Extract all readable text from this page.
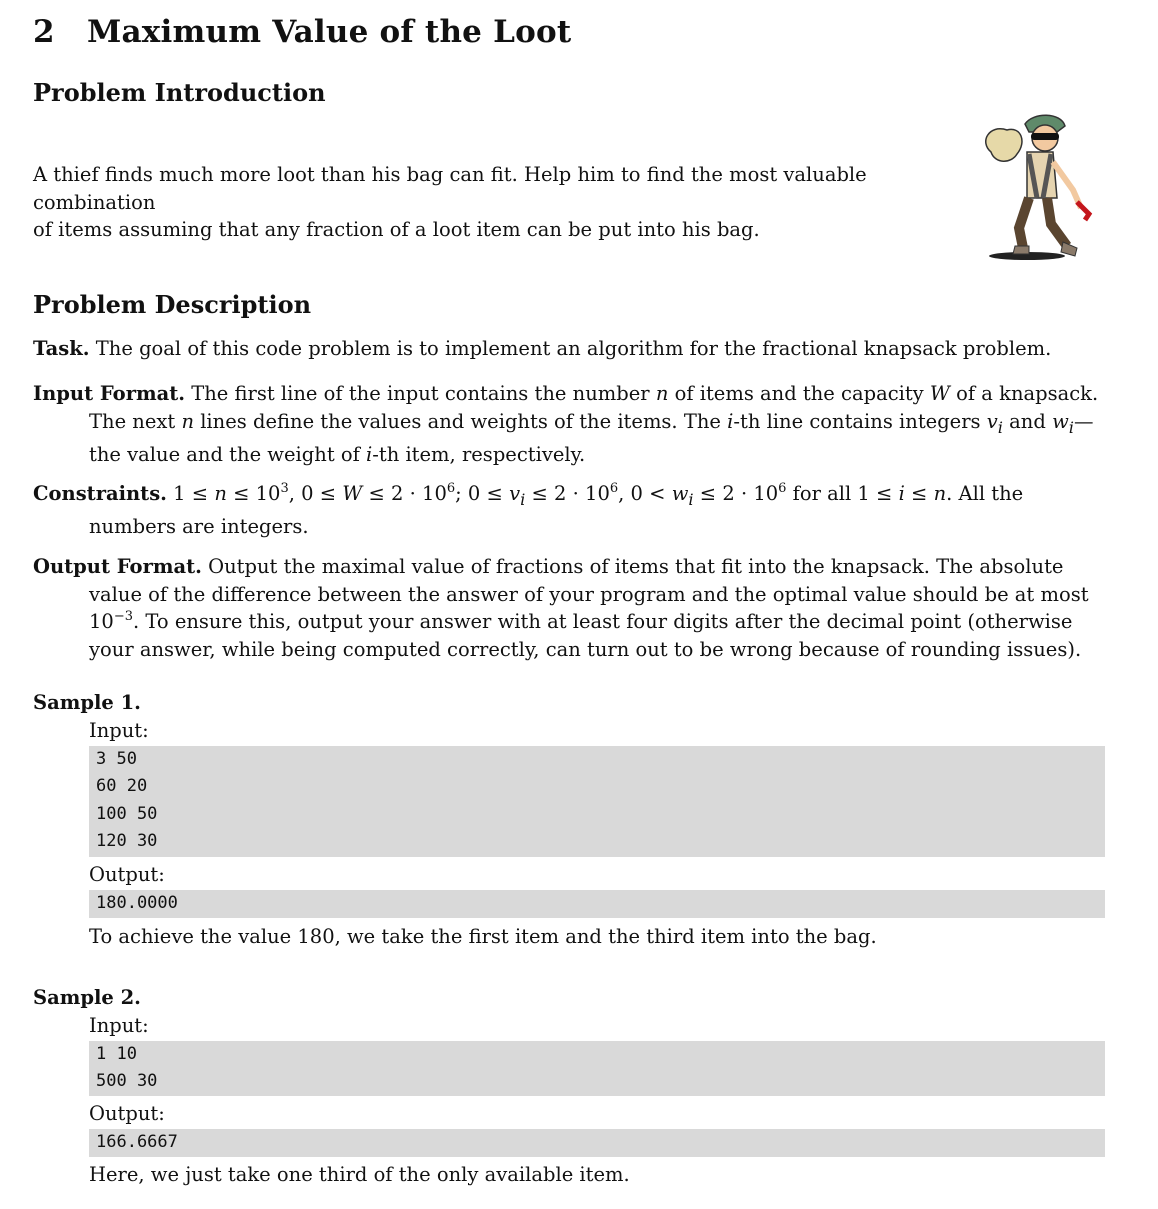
2 Maximum Value of the Loot
Problem Introduction
A thief finds much more loot than his bag can fit. Help him to find the most valuable combination
of items assuming that any fraction of a loot item can be put into his bag.
Problem Description
Task. The goal of this code problem is to implement an algorithm for the fractional knapsack problem.
Input Format. The first line of the input contains the number n of items and the capacity W of a knapsack. The next n lines define the values and weights of the items. The i-th line contains integers $v_i$ and $w_i—the$ value and the weight of i-th item, respectively.
Constraints. $1 \le n \le 10^3$, $0 \le W \le 2 \cdot 10^6$; $0 \le v_i \le 2 \cdot 10^6$, $0 < w_i \le 2 \cdot 10^6$ for all 1 ≤ i ≤ n. All the numbers are integers.
Output Format. Output the maximal value of fractions of items that fit into the knapsack. The absolute value of the difference between the answer of your program and the optimal value should be at most $10^{-3}$. To ensure this, output your answer with at least four digits after the decimal point (otherwise your answer, while being computed correctly, can turn out to be wrong because of rounding issues).
Sample 1.
Input:
3 50
60 20
100 50
120 30
Output:
180.0000
To achieve the value 180, we take the first item and the third item into the bag.
Sample 2.
Input:
1 10
500 30
Output:
166.6667
Here, we just take one third of the only available item.
